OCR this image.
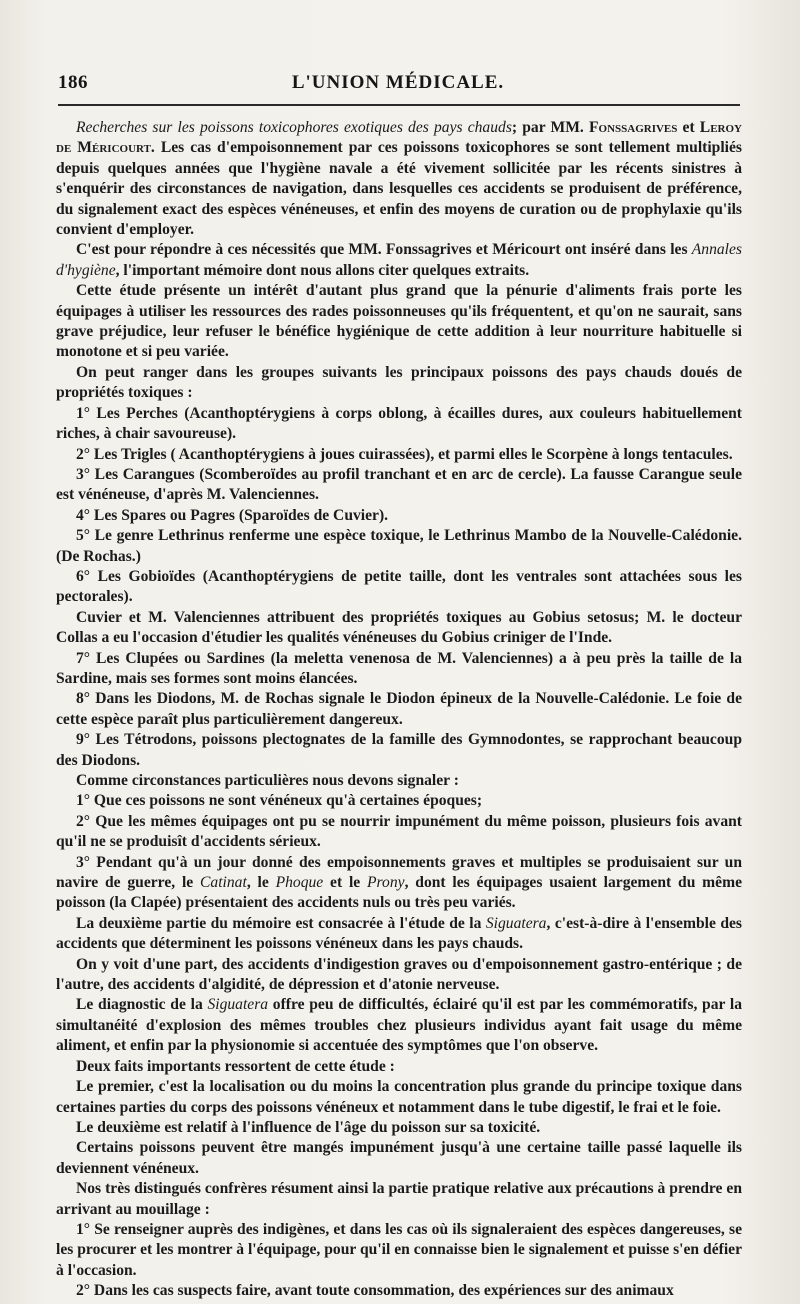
186	L'UNION MÉDICALE.

Recherches sur les poissons toxicophores exotiques des pays chauds; par MM. Fonssagrives et Leroy de Méricourt. Les cas d'empoisonnement par ces poissons toxicophores se sont tellement multipliés depuis quelques années que l'hygiène navale a été vivement sollicitée par les récents sinistres à s'enquérir des circonstances de navigation, dans lesquelles ces accidents se produisent de préférence, du signalement exact des espèces vénéneuses, et enfin des moyens de curation ou de prophylaxie qu'ils convient d'employer.

C'est pour répondre à ces nécessités que MM. Fonssagrives et Méricourt ont inséré dans les Annales d'hygiène, l'important mémoire dont nous allons citer quelques extraits.

Cette étude présente un intérêt d'autant plus grand que la pénurie d'aliments frais porte les équipages à utiliser les ressources des rades poissonneuses qu'ils fréquentent, et qu'on ne saurait, sans grave préjudice, leur refuser le bénéfice hygiénique de cette addition à leur nourriture habituelle si monotone et si peu variée.

On peut ranger dans les groupes suivants les principaux poissons des pays chauds doués de propriétés toxiques :

1° Les Perches (Acanthoptérygiens à corps oblong, à écailles dures, aux couleurs habituellement riches, à chair savoureuse).

2° Les Trigles ( Acanthoptérygiens à joues cuirassées), et parmi elles le Scorpène à longs tentacules.

3° Les Carangues (Scomberoïdes au profil tranchant et en arc de cercle). La fausse Carangue seule est vénéneuse, d'après M. Valenciennes.

4° Les Spares ou Pagres (Sparoïdes de Cuvier).

5° Le genre Lethrinus renferme une espèce toxique, le Lethrinus Mambo de la Nouvelle-Calédonie. (De Rochas.)

6° Les Gobioïdes (Acanthoptérygiens de petite taille, dont les ventrales sont attachées sous les pectorales).

Cuvier et M. Valenciennes attribuent des propriétés toxiques au Gobius setosus; M. le docteur Collas a eu l'occasion d'étudier les qualités vénéneuses du Gobius criniger de l'Inde.

7° Les Clupées ou Sardines (la meletta venenosa de M. Valenciennes) a à peu près la taille de la Sardine, mais ses formes sont moins élancées.

8° Dans les Diodons, M. de Rochas signale le Diodon épineux de la Nouvelle-Calédonie. Le foie de cette espèce paraît plus particulièrement dangereux.

9° Les Tétrodons, poissons plectognates de la famille des Gymnodontes, se rapprochant beaucoup des Diodons.

Comme circonstances particulières nous devons signaler :

1° Que ces poissons ne sont vénéneux qu'à certaines époques;

2° Que les mêmes équipages ont pu se nourrir impunément du même poisson, plusieurs fois avant qu'il ne se produisît d'accidents sérieux.

3° Pendant qu'à un jour donné des empoisonnements graves et multiples se produisaient sur un navire de guerre, le Catinat, le Phoque et le Prony, dont les équipages usaient largement du même poisson (la Clapée) présentaient des accidents nuls ou très peu variés.

La deuxième partie du mémoire est consacrée à l'étude de la Siguatera, c'est-à-dire à l'ensemble des accidents que déterminent les poissons vénéneux dans les pays chauds.

On y voit d'une part, des accidents d'indigestion graves ou d'empoisonnement gastro-entérique ; de l'autre, des accidents d'algidité, de dépression et d'atonie nerveuse.

Le diagnostic de la Siguatera offre peu de difficultés, éclairé qu'il est par les commémoratifs, par la simultanéité d'explosion des mêmes troubles chez plusieurs individus ayant fait usage du même aliment, et enfin par la physionomie si accentuée des symptômes que l'on observe.

Deux faits importants ressortent de cette étude :

Le premier, c'est la localisation ou du moins la concentration plus grande du principe toxique dans certaines parties du corps des poissons vénéneux et notamment dans le tube digestif, le frai et le foie.

Le deuxième est relatif à l'influence de l'âge du poisson sur sa toxicité.

Certains poissons peuvent être mangés impunément jusqu'à une certaine taille passé laquelle ils deviennent vénéneux.

Nos très distingués confrères résument ainsi la partie pratique relative aux précautions à prendre en arrivant au mouillage :

1° Se renseigner auprès des indigènes, et dans les cas où ils signaleraient des espèces dangereuses, se les procurer et les montrer à l'équipage, pour qu'il en connaisse bien le signalement et puisse s'en défier à l'occasion.

2° Dans les cas suspects faire, avant toute consommation, des expériences sur des animaux
